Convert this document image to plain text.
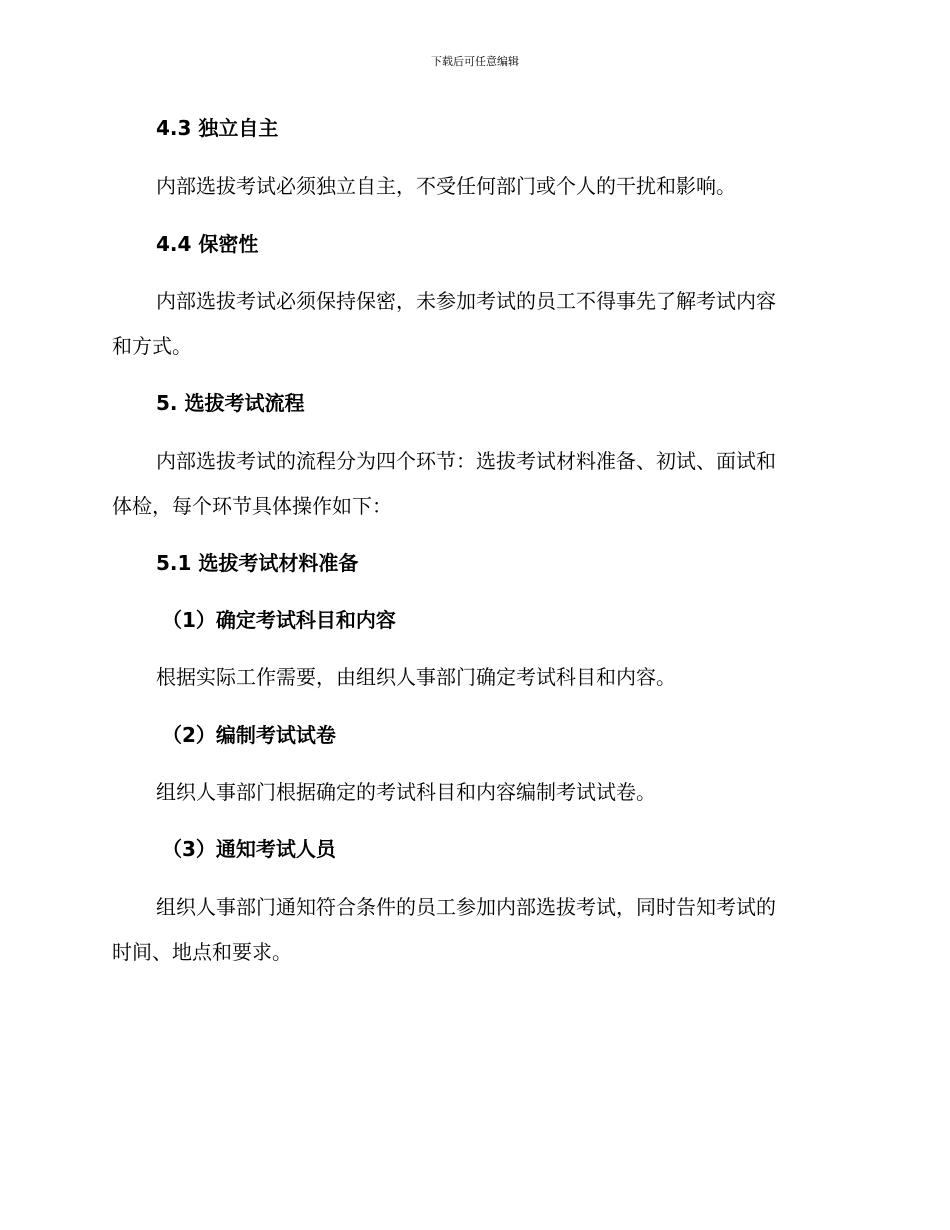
下载后可任意编辑
4.3 独立自主
内部选拔考试必须独立自主，不受任何部门或个人的干扰和影响。
4.4 保密性
内部选拔考试必须保持保密，未参加考试的员工不得事先了解考试内容
和方式。
5. 选拔考试流程
内部选拔考试的流程分为四个环节：选拔考试材料准备、初试、面试和
体检，每个环节具体操作如下：
5.1 选拔考试材料准备
（1）确定考试科目和内容
根据实际工作需要，由组织人事部门确定考试科目和内容。
（2）编制考试试卷
组织人事部门根据确定的考试科目和内容编制考试试卷。
（3）通知考试人员
组织人事部门通知符合条件的员工参加内部选拔考试，同时告知考试的
时间、地点和要求。
